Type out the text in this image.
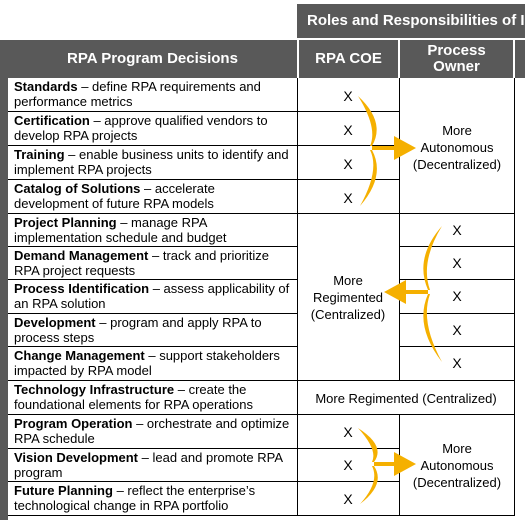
Roles and Responsibilities of I
RPA Program Decisions	RPA COE	Process
Owner
Standards – define RPA requirements and performance metrics
Certification – approve qualified vendors to develop RPA projects
Training – enable business units to identify and implement RPA projects
Catalog of Solutions – accelerate development of future RPA models
Project Planning – manage RPA implementation schedule and budget
Demand Management – track and prioritize RPA project requests
Process Identification – assess applicability of an RPA solution
Development – program and apply RPA to process steps
Change Management – support stakeholders impacted by RPA model
Technology Infrastructure – create the foundational elements for RPA operations
Program Operation – orchestrate and optimize RPA schedule
Vision Development – lead and promote RPA program
Future Planning – reflect the enterprise’s technological change in RPA portfolio
X
X
X
X
X
X
X
X
X
X
X
X
More
Autonomous
(Decentralized)
More
Regimented
(Centralized)
More Regimented (Centralized)
More
Autonomous
(Decentralized)
